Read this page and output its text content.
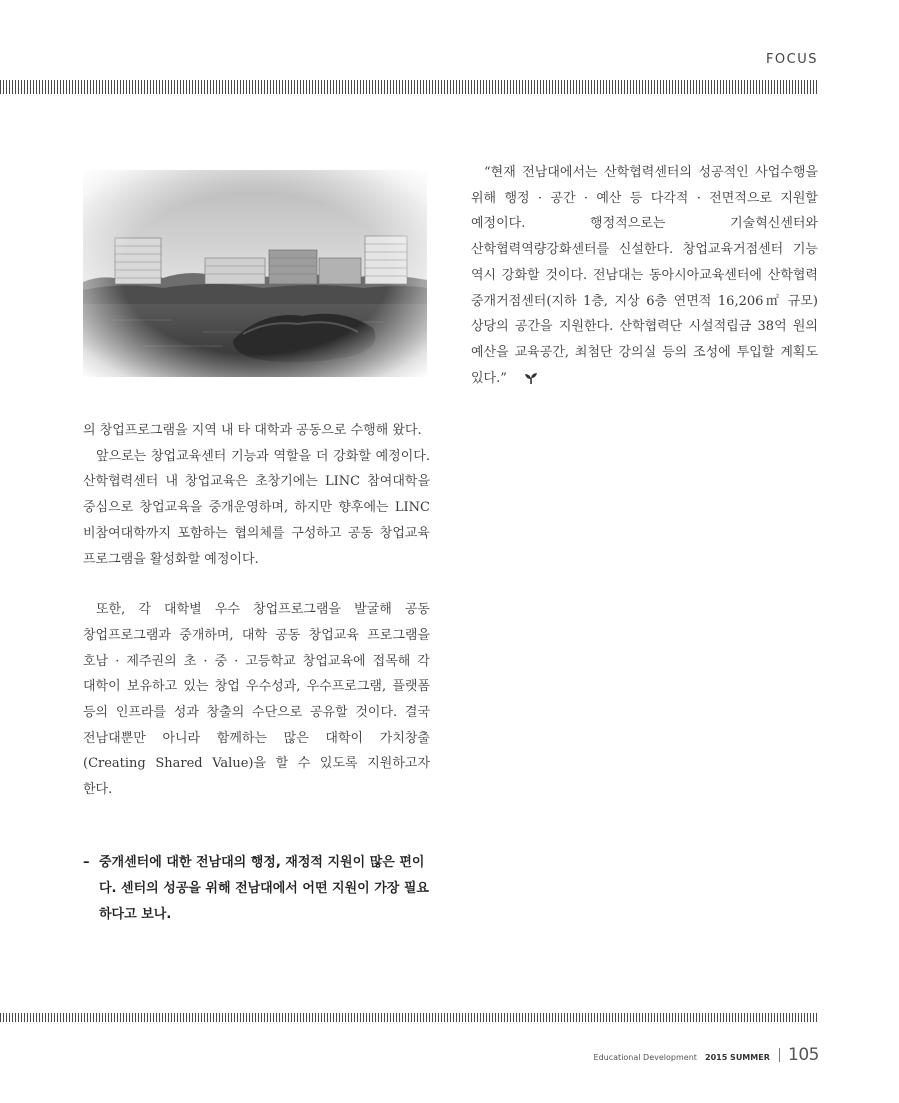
FOCUS

“현재 전남대에서는 산학협력센터의 성공적인 사업수행을 위해 행정 · 공간 · 예산 등 다각적 · 전면적으로 지원할 예정이다. 행정적으로는 기술혁신센터와 산학협력역량강화센터를 신설한다. 창업교육거점센터 기능 역시 강화할 것이다. 전남대는 동아시아교육센터에 산학협력 중개거점센터(지하 1층, 지상 6층 연면적 16,206㎡ 규모) 상당의 공간을 지원한다. 산학협력단 시설적립금 38억 원의 예산을 교육공간, 최첨단 강의실 등의 조성에 투입할 계획도 있다.”

의 창업프로그램을 지역 내 타 대학과 공동으로 수행해 왔다.

앞으로는 창업교육센터 기능과 역할을 더 강화할 예정이다. 산학협력센터 내 창업교육은 초창기에는 LINC 참여대학을 중심으로 창업교육을 중개운영하며, 하지만 향후에는 LINC 비참여대학까지 포함하는 협의체를 구성하고 공동 창업교육 프로그램을 활성화할 예정이다.

또한, 각 대학별 우수 창업프로그램을 발굴해 공동 창업프로그램과 중개하며, 대학 공동 창업교육 프로그램을 호남 · 제주권의 초 · 중 · 고등학교 창업교육에 접목해 각 대학이 보유하고 있는 창업 우수성과, 우수프로그램, 플랫폼 등의 인프라를 성과 창출의 수단으로 공유할 것이다. 결국 전남대뿐만 아니라 함께하는 많은 대학이 가치창출(Creating Shared Value)을 할 수 있도록 지원하고자 한다.

– 중개센터에 대한 전남대의 행정, 재정적 지원이 많은 편이다. 센터의 성공을 위해 전남대에서 어떤 지원이 가장 필요하다고 보나.
Educational Development 2015 SUMMER 105
